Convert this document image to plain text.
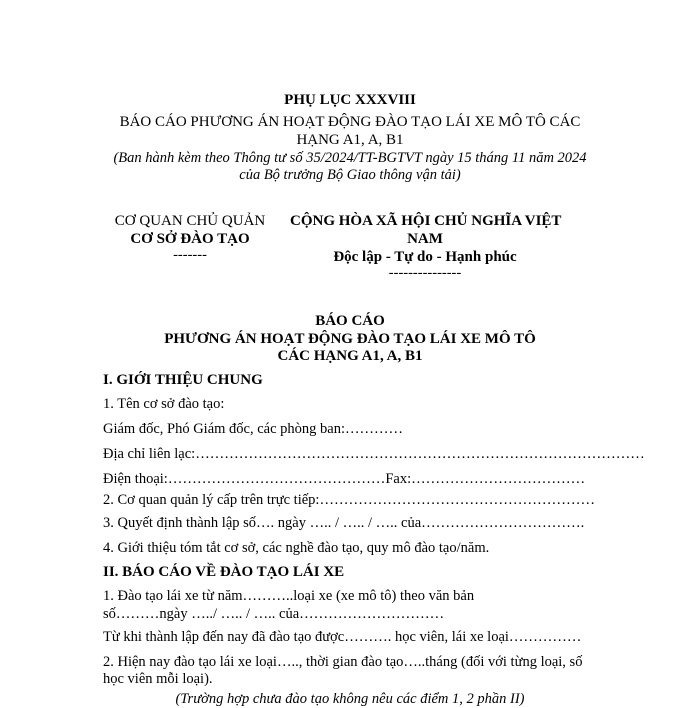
PHỤ LỤC XXXVIII
BÁO CÁO PHƯƠNG ÁN HOẠT ĐỘNG ĐÀO TẠO LÁI XE MÔ TÔ CÁC
HẠNG A1, A, B1
(Ban hành kèm theo Thông tư số 35/2024/TT-BGTVT ngày 15 tháng 11 năm 2024
của Bộ trưởng Bộ Giao thông vận tải)
CƠ QUAN CHỦ QUẢN
CƠ SỞ ĐÀO TẠO
-------
CỘNG HÒA XÃ HỘI CHỦ NGHĨA VIỆT
NAM
Độc lập - Tự do - Hạnh phúc
---------------
BÁO CÁO
PHƯƠNG ÁN HOẠT ĐỘNG ĐÀO TẠO LÁI XE MÔ TÔ
CÁC HẠNG A1, A, B1
I. GIỚI THIỆU CHUNG
1. Tên cơ sở đào tạo:
Giám đốc, Phó Giám đốc, các phòng ban:…………
Địa chỉ liên lạc:…………………………………………………………………………………
Điện thoại:………………………………………Fax:………………………………
2. Cơ quan quản lý cấp trên trực tiếp:…………………………………………………
3. Quyết định thành lập số…. ngày ….. / ….. / ….. của…………………………….
4. Giới thiệu tóm tắt cơ sở, các nghề đào tạo, quy mô đào tạo/năm.
II. BÁO CÁO VỀ ĐÀO TẠO LÁI XE
1. Đào tạo lái xe từ năm………..loại xe (xe mô tô) theo văn bản
số………ngày …../ ….. / ….. của…………………………
Từ khi thành lập đến nay đã đào tạo được………. học viên, lái xe loại……………
2. Hiện nay đào tạo lái xe loại….., thời gian đào tạo…..tháng (đối với từng loại, số
học viên mỗi loại).
(Trường hợp chưa đào tạo không nêu các điểm 1, 2 phần II)
